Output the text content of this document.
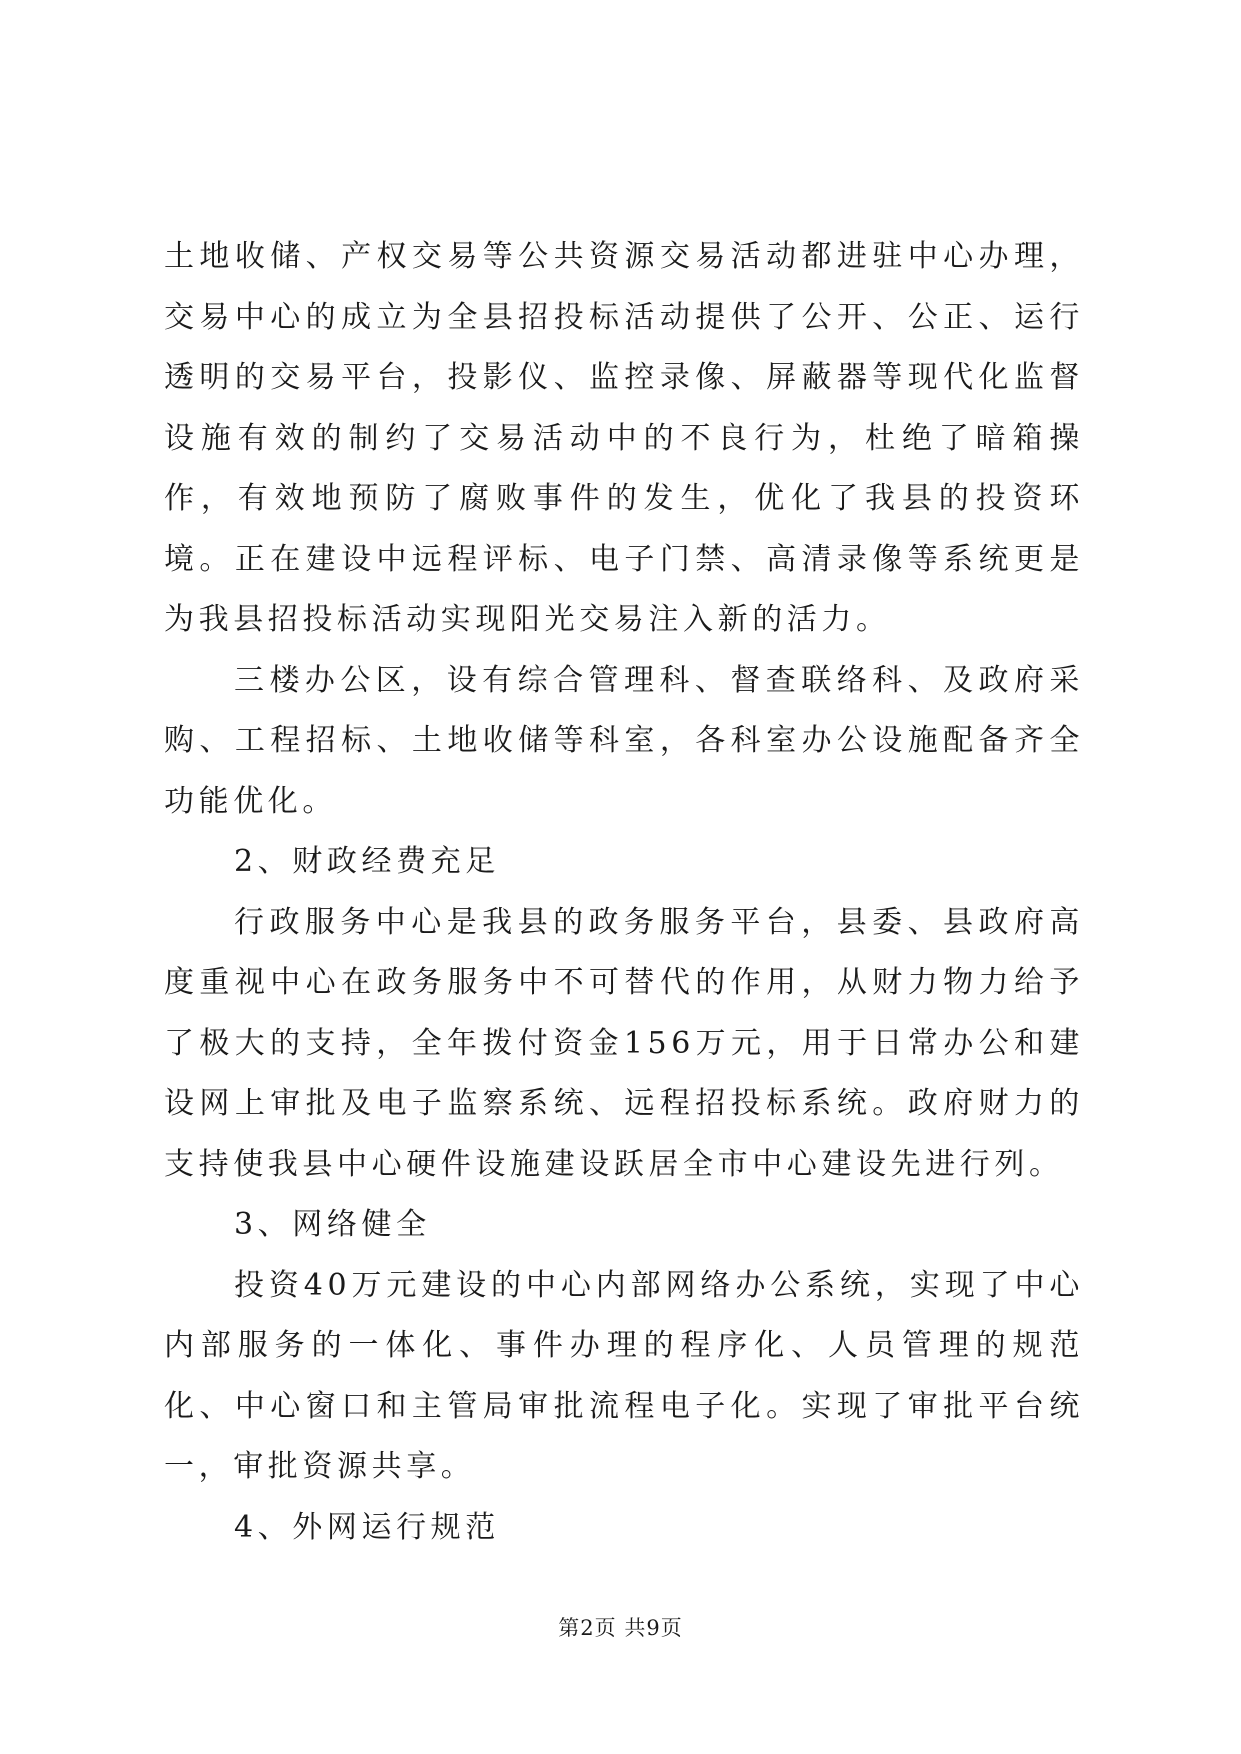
土地收储、产权交易等公共资源交易活动都进驻中心办理，交易中心的成立为全县招投标活动提供了公开、公正、运行透明的交易平台，投影仪、监控录像、屏蔽器等现代化监督设施有效的制约了交易活动中的不良行为，杜绝了暗箱操作，有效地预防了腐败事件的发生，优化了我县的投资环境。正在建设中远程评标、电子门禁、高清录像等系统更是为我县招投标活动实现阳光交易注入新的活力。

三楼办公区，设有综合管理科、督查联络科、及政府采购、工程招标、土地收储等科室，各科室办公设施配备齐全功能优化。

2、财政经费充足

行政服务中心是我县的政务服务平台，县委、县政府高度重视中心在政务服务中不可替代的作用，从财力物力给予了极大的支持，全年拨付资金156万元，用于日常办公和建设网上审批及电子监察系统、远程招投标系统。政府财力的支持使我县中心硬件设施建设跃居全市中心建设先进行列。

3、网络健全

投资40万元建设的中心内部网络办公系统，实现了中心内部服务的一体化、事件办理的程序化、人员管理的规范化、中心窗口和主管局审批流程电子化。实现了审批平台统一，审批资源共享。

4、外网运行规范

第2页 共9页
